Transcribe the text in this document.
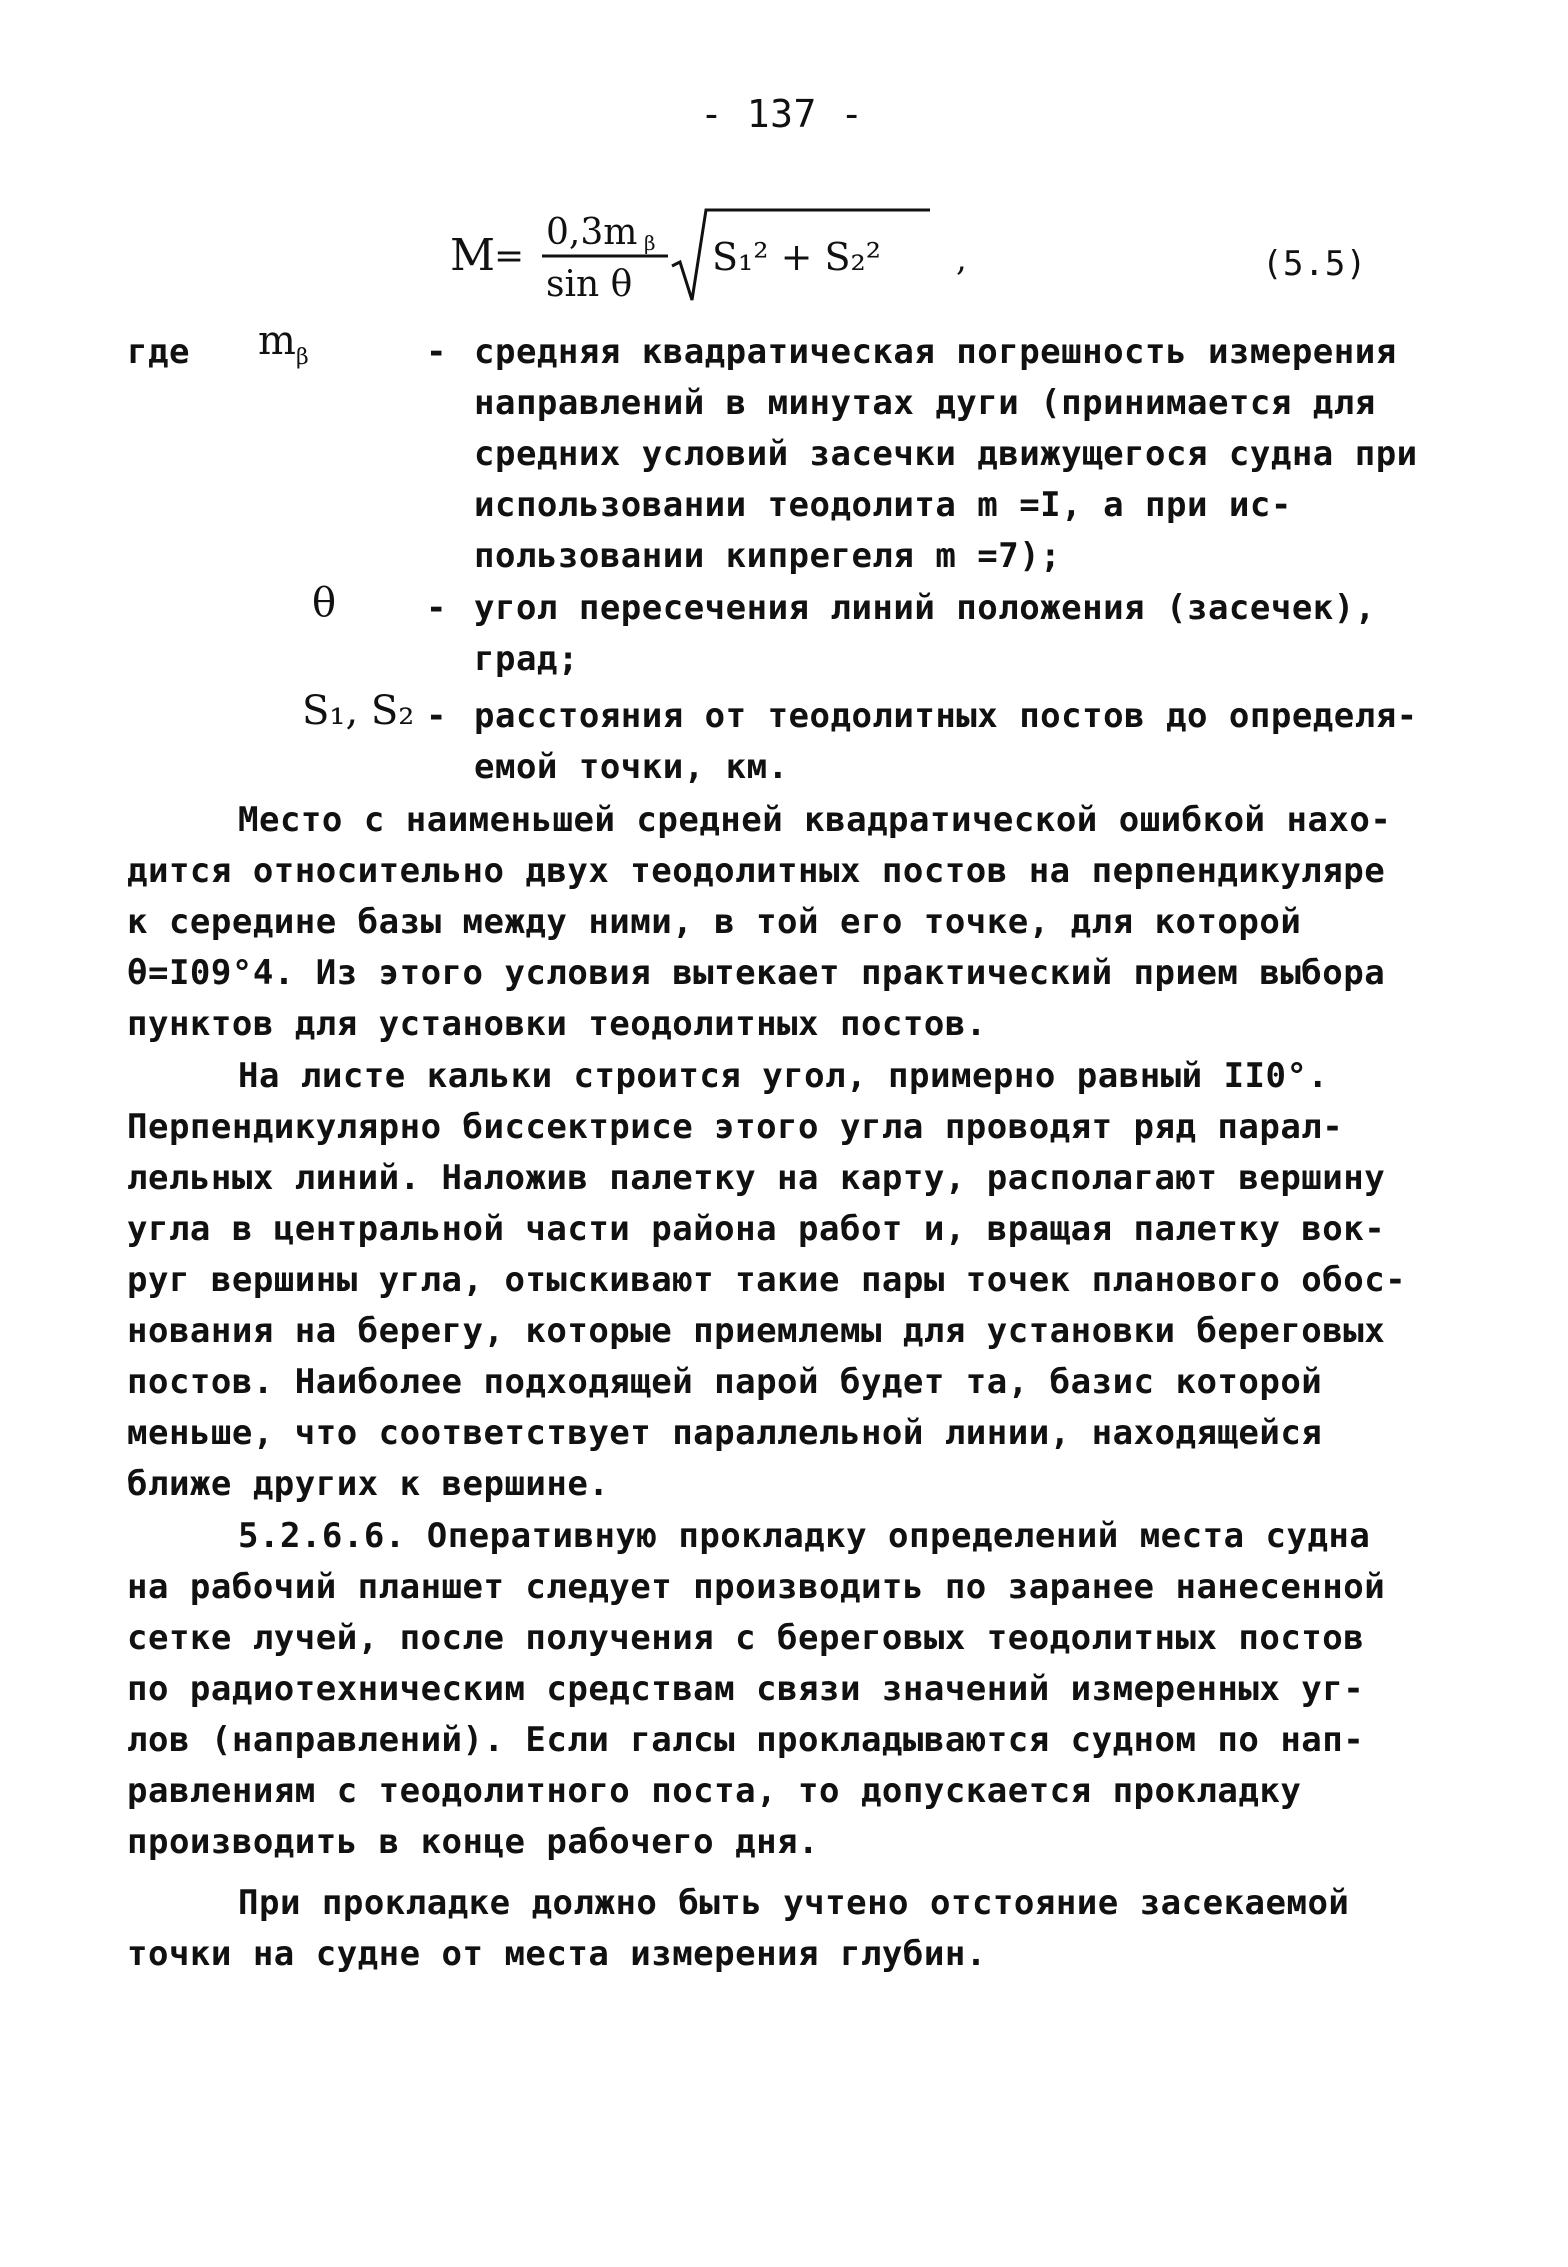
- 137 -
M
=
0,3m β
sin θ
S₁² + S₂² ,	(5.5)
где mβ	- средняя квадратическая погрешность измерения
направлений в минутах дуги (принимается для
средних условий засечки движущегося судна при
использовании теодолита m =I, а при ис-
пользовании кипрегеля m =7);
θ	- угол пересечения линий положения (засечек),
град;
S₁, S₂ - расстояния от теодолитных постов до определя-
емой точки, км.
Место с наименьшей средней квадратической ошибкой нахо-
дится относительно двух теодолитных постов на перпендикуляре
к середине базы между ними, в той его точке, для которой
θ=I09°4. Из этого условия вытекает практический прием выбора
пунктов для установки теодолитных постов.
На листе кальки строится угол, примерно равный II0°.
Перпендикулярно биссектрисе этого угла проводят ряд парал-
лельных линий. Наложив палетку на карту, располагают вершину
угла в центральной части района работ и, вращая палетку вок-
руг вершины угла, отыскивают такие пары точек планового обос-
нования на берегу, которые приемлемы для установки береговых
постов. Наиболее подходящей парой будет та, базис которой
меньше, что соответствует параллельной линии, находящейся
ближе других к вершине.
5.2.6.6. Оперативную прокладку определений места судна
на рабочий планшет следует производить по заранее нанесенной
сетке лучей, после получения с береговых теодолитных постов
по радиотехническим средствам связи значений измеренных уг-
лов (направлений). Если галсы прокладываются судном по нап-
равлениям с теодолитного поста, то допускается прокладку
производить в конце рабочего дня.
При прокладке должно быть учтено отстояние засекаемой
точки на судне от места измерения глубин.
